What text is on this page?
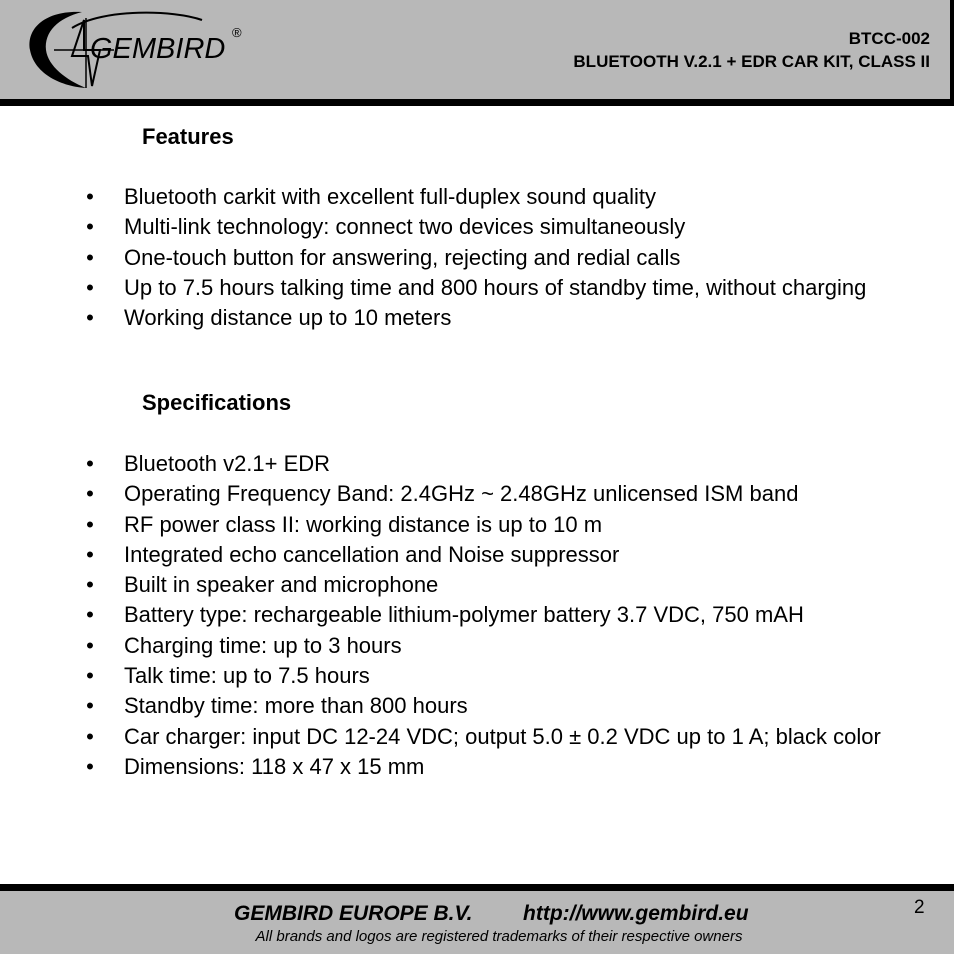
GEMBIRD
®	BTCC-002
BLUETOOTH V.2.1 + EDR CAR KIT, CLASS II
Features
• Bluetooth carkit with excellent full-duplex sound quality
• Multi-link technology: connect two devices simultaneously
• One-touch button for answering, rejecting and redial calls
• Up to 7.5 hours talking time and 800 hours of standby time, without charging
• Working distance up to 10 meters
Specifications
• Bluetooth v2.1+ EDR
• Operating Frequency Band: 2.4GHz ~ 2.48GHz unlicensed ISM band
• RF power class II: working distance is up to 10 m
• Integrated echo cancellation and Noise suppressor
• Built in speaker and microphone
• Battery type: rechargeable lithium-polymer battery 3.7 VDC, 750 mAH
• Charging time: up to 3 hours
• Talk time: up to 7.5 hours
• Standby time: more than 800 hours
• Car charger: input DC 12-24 VDC; output 5.0 ± 0.2 VDC up to 1 A; black color
• Dimensions: 118 x 47 x 15 mm
GEMBIRD EUROPE B.V. http://www.gembird.eu
All brands and logos are registered trademarks of their respective owners
2
